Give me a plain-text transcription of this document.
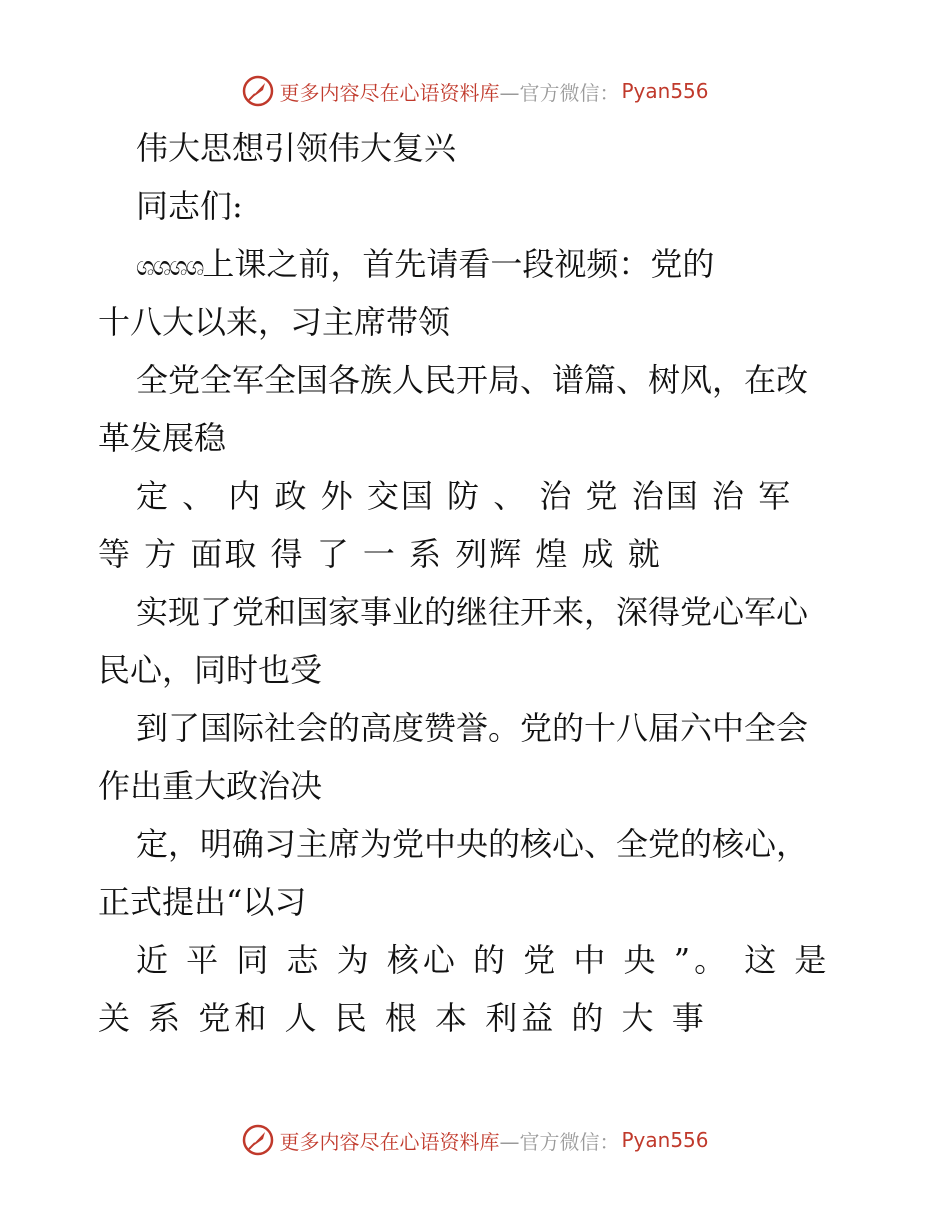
更多内容尽在心语资料库 —官方微信： Pyan556
伟大思想引领伟大复兴
同志们:
ශශශශ上课之前，首先请看一段视频：党的
十八大以来，习主席带领
全党全军全国各族人民开局、谱篇、树风，在改
革发展稳
定 、 内 政 外 交国 防 、 治 党 治国 治 军
等 方 面取 得 了 一 系 列辉 煌 成 就
实现了党和国家事业的继往开来，深得党心军心
民心，同时也受
到了国际社会的高度赞誉。党的十八届六中全会
作出重大政治决
定，明确习主席为党中央的核心、全党的核心，
正式提出“以习
近 平 同 志 为 核心 的 党 中 央 ”。 这 是
关 系 党和 人 民 根 本 利益 的 大 事
更多内容尽在心语资料库 —官方微信： Pyan556
